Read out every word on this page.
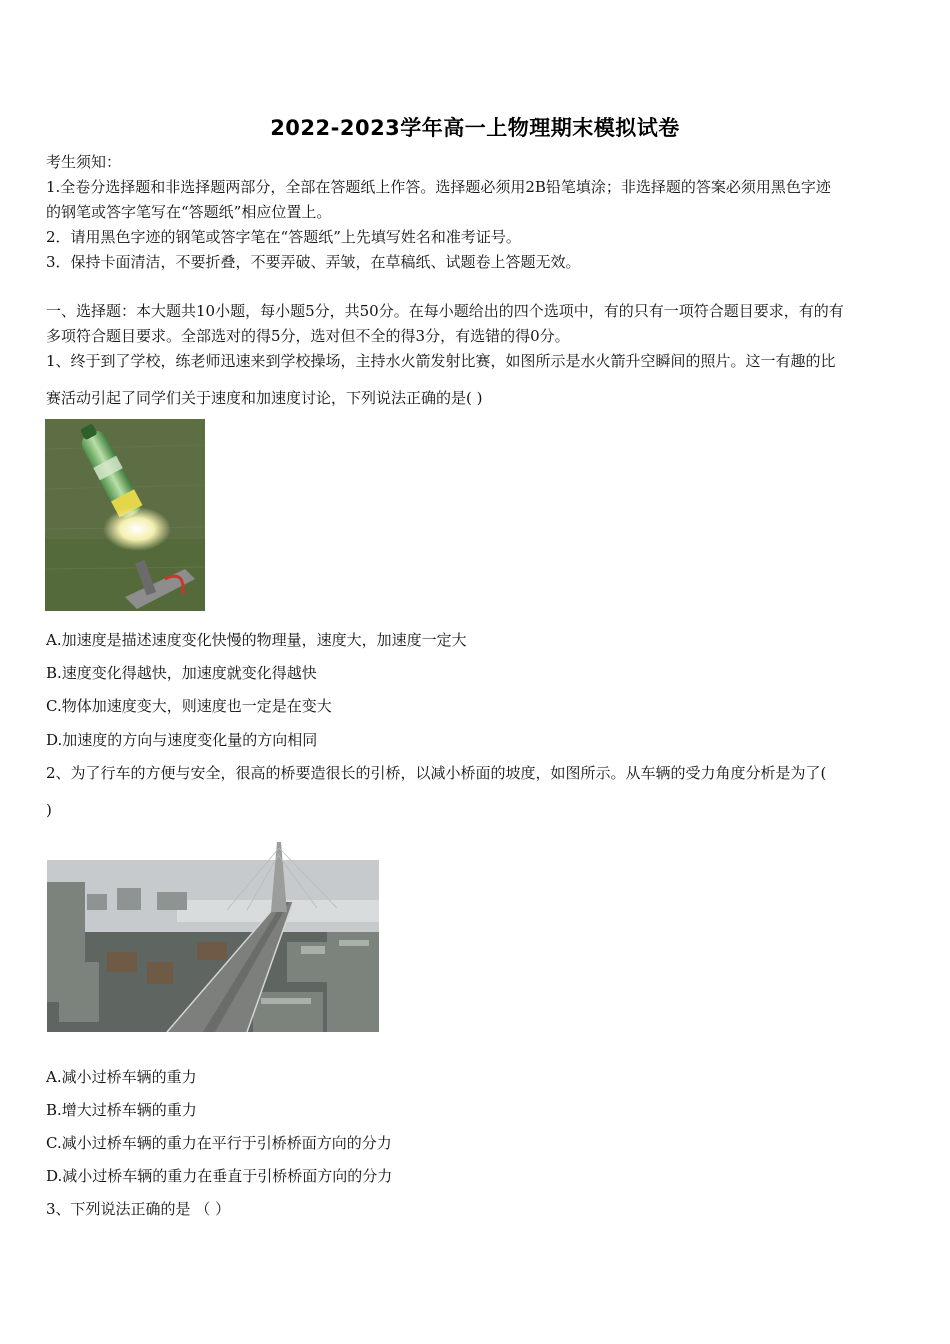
2022-2023学年高一上物理期末模拟试卷
考生须知：
1.全卷分选择题和非选择题两部分，全部在答题纸上作答。选择题必须用2B铅笔填涂；非选择题的答案必须用黑色字迹
的钢笔或答字笔写在“答题纸”相应位置上。
2．请用黑色字迹的钢笔或答字笔在“答题纸”上先填写姓名和准考证号。
3．保持卡面清洁，不要折叠，不要弄破、弄皱，在草稿纸、试题卷上答题无效。
一、选择题：本大题共10小题，每小题5分，共50分。在每小题给出的四个选项中，有的只有一项符合题目要求，有的有
多项符合题目要求。全部选对的得5分，选对但不全的得3分，有选错的得0分。
1、终于到了学校，练老师迅速来到学校操场，主持水火箭发射比赛，如图所示是水火箭升空瞬间的照片。这一有趣的比
赛活动引起了同学们关于速度和加速度讨论，下列说法正确的是( )
A.加速度是描述速度变化快慢的物理量，速度大，加速度一定大
B.速度变化得越快，加速度就变化得越快
C.物体加速度变大，则速度也一定是在变大
D.加速度的方向与速度变化量的方向相同
2、为了行车的方便与安全，很高的桥要造很长的引桥，以减小桥面的坡度，如图所示。从车辆的受力角度分析是为了(
)
A.减小过桥车辆的重力
B.增大过桥车辆的重力
C.减小过桥车辆的重力在平行于引桥桥面方向的分力
D.减小过桥车辆的重力在垂直于引桥桥面方向的分力
3、下列说法正确的是 （ ）
